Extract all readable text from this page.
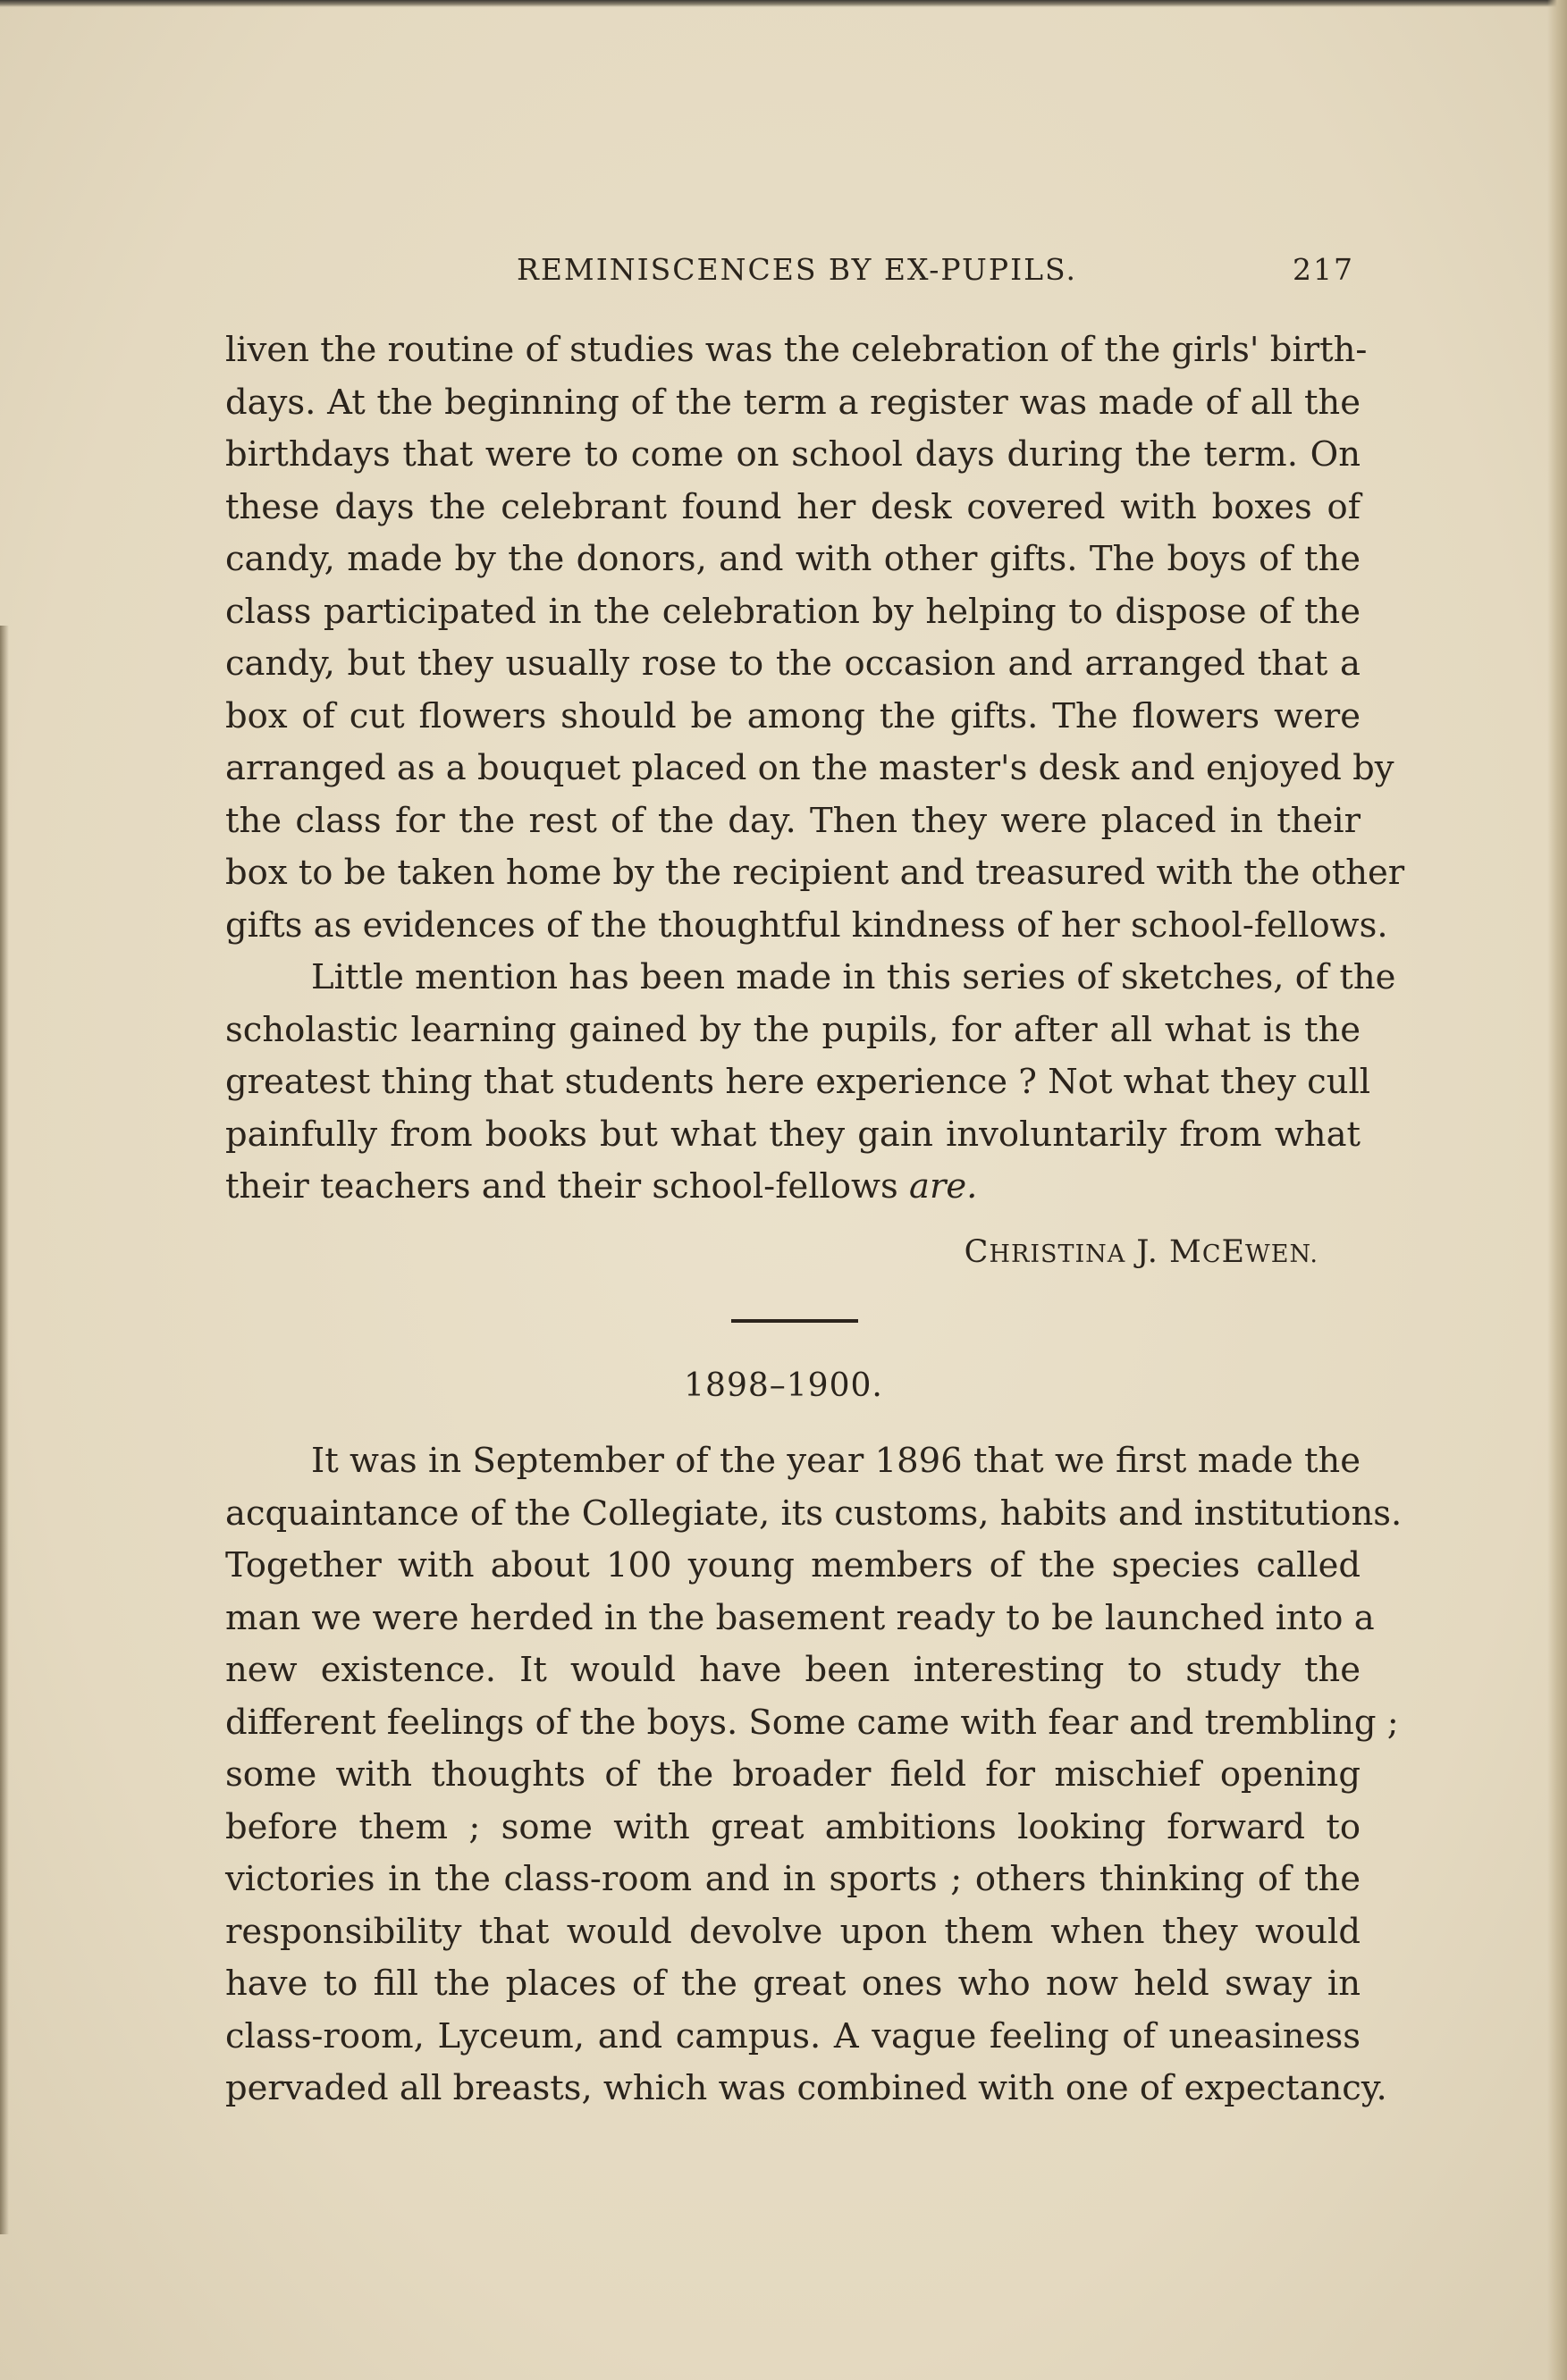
REMINISCENCES BY EX-PUPILS.	217
liven the routine of studies was the celebration of the girls' birth-
days. At the beginning of the term a register was made of all the
birthdays that were to come on school days during the term. On
these days the celebrant found her desk covered with boxes of
candy, made by the donors, and with other gifts. The boys of the
class participated in the celebration by helping to dispose of the
candy, but they usually rose to the occasion and arranged that a
box of cut flowers should be among the gifts. The flowers were
arranged as a bouquet placed on the master's desk and enjoyed by
the class for the rest of the day. Then they were placed in their
box to be taken home by the recipient and treasured with the other
gifts as evidences of the thoughtful kindness of her school-fellows.
Little mention has been made in this series of sketches, of the
scholastic learning gained by the pupils, for after all what is the
greatest thing that students here experience ? Not what they cull
painfully from books but what they gain involuntarily from what
their teachers and their school-fellows are.
CHRISTINA J. MCEWEN.
1898–1900.
It was in September of the year 1896 that we first made the
acquaintance of the Collegiate, its customs, habits and institutions.
Together with about 100 young members of the species called
man we were herded in the basement ready to be launched into a
new existence. It would have been interesting to study the
different feelings of the boys. Some came with fear and trembling ;
some with thoughts of the broader field for mischief opening
before them ; some with great ambitions looking forward to
victories in the class-room and in sports ; others thinking of the
responsibility that would devolve upon them when they would
have to fill the places of the great ones who now held sway in
class-room, Lyceum, and campus. A vague feeling of uneasiness
pervaded all breasts, which was combined with one of expectancy.
